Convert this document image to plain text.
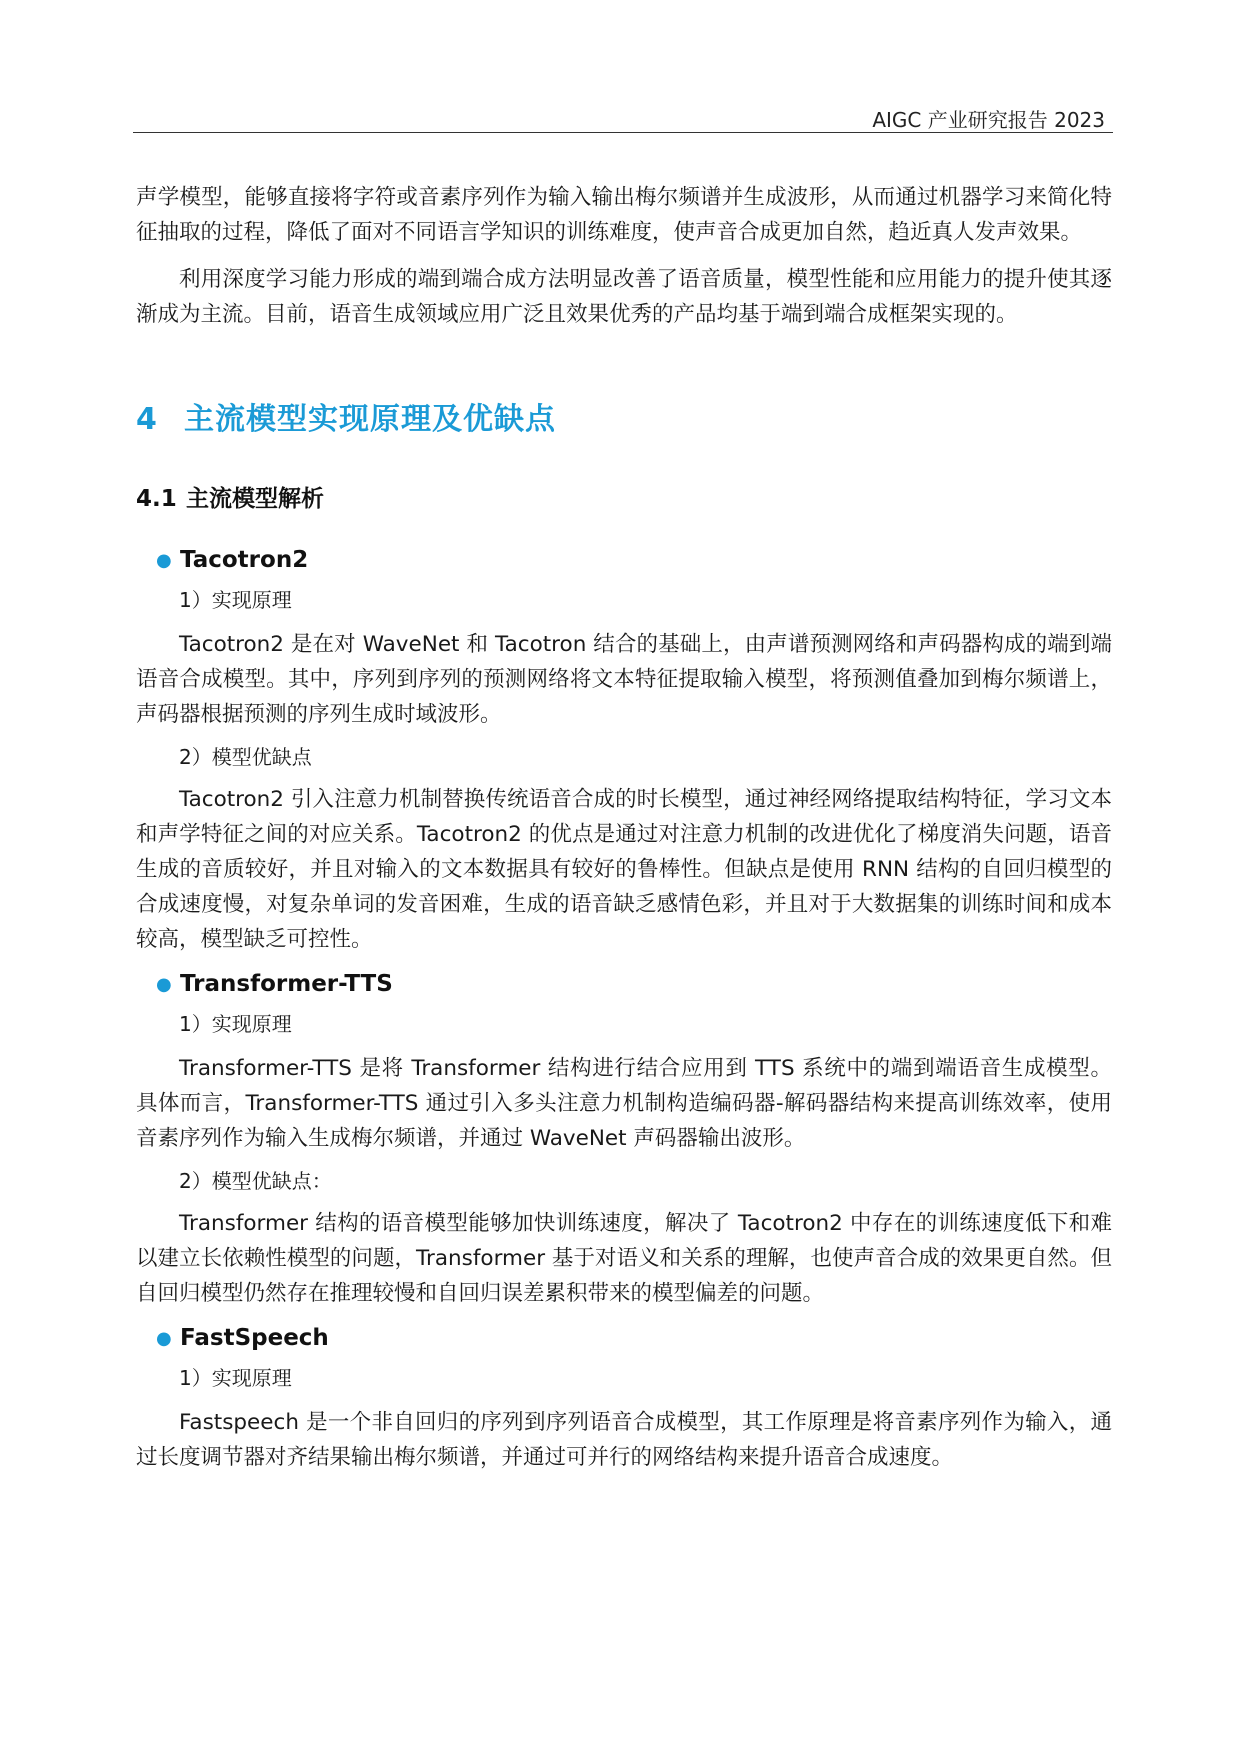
AIGC 产业研究报告 2023

声学模型，能够直接将字符或音素序列作为输入输出梅尔频谱并生成波形，从而通过机器学习来简化特征抽取的过程，降低了面对不同语言学知识的训练难度，使声音合成更加自然，趋近真人发声效果。

利用深度学习能力形成的端到端合成方法明显改善了语音质量，模型性能和应用能力的提升使其逐渐成为主流。目前，语音生成领域应用广泛且效果优秀的产品均基于端到端合成框架实现的。

4 主流模型实现原理及优缺点
4.1 主流模型解析
● Tacotron2
1）实现原理

Tacotron2 是在对 WaveNet 和 Tacotron 结合的基础上，由声谱预测网络和声码器构成的端到端语音合成模型。其中，序列到序列的预测网络将文本特征提取输入模型，将预测值叠加到梅尔频谱上，声码器根据预测的序列生成时域波形。

2）模型优缺点

Tacotron2 引入注意力机制替换传统语音合成的时长模型，通过神经网络提取结构特征，学习文本和声学特征之间的对应关系。Tacotron2 的优点是通过对注意力机制的改进优化了梯度消失问题，语音生成的音质较好，并且对输入的文本数据具有较好的鲁棒性。但缺点是使用 RNN 结构的自回归模型的合成速度慢，对复杂单词的发音困难，生成的语音缺乏感情色彩，并且对于大数据集的训练时间和成本较高，模型缺乏可控性。

● Transformer-TTS
1）实现原理

Transformer-TTS 是将 Transformer 结构进行结合应用到 TTS 系统中的端到端语音生成模型。具体而言，Transformer-TTS 通过引入多头注意力机制构造编码器-解码器结构来提高训练效率，使用音素序列作为输入生成梅尔频谱，并通过 WaveNet 声码器输出波形。

2）模型优缺点：

Transformer 结构的语音模型能够加快训练速度，解决了 Tacotron2 中存在的训练速度低下和难以建立长依赖性模型的问题，Transformer 基于对语义和关系的理解，也使声音合成的效果更自然。但自回归模型仍然存在推理较慢和自回归误差累积带来的模型偏差的问题。

● FastSpeech
1）实现原理

Fastspeech 是一个非自回归的序列到序列语音合成模型，其工作原理是将音素序列作为输入，通过长度调节器对齐结果输出梅尔频谱，并通过可并行的网络结构来提升语音合成速度。
